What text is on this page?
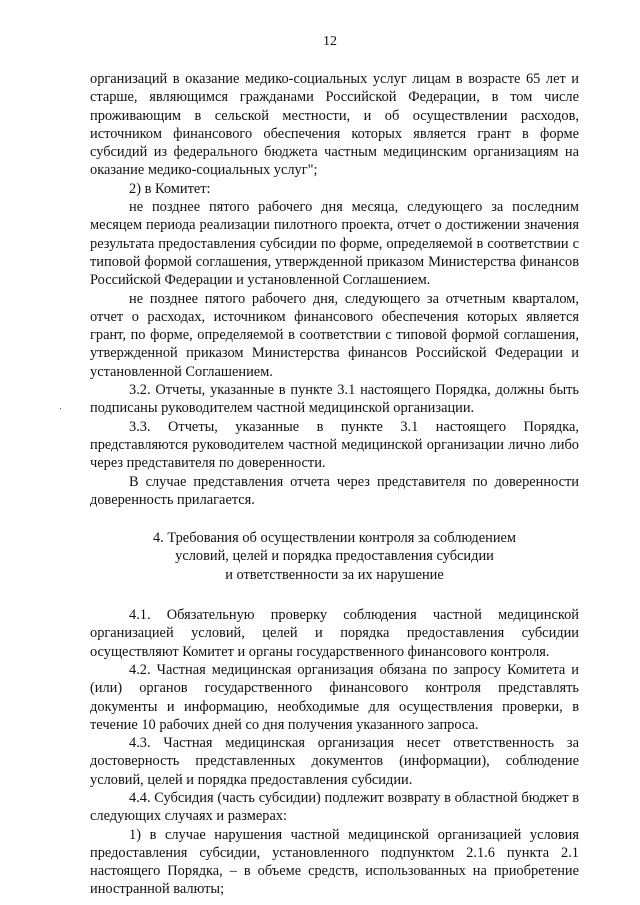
12

организаций в оказание медико-социальных услуг лицам в возрасте 65 лет и старше, являющимся гражданами Российской Федерации, в том числе проживающим в сельской местности, и об осуществлении расходов, источником финансового обеспечения которых является грант в форме субсидий из федерального бюджета частным медицинским организациям на оказание медико-социальных услуг";

2) в Комитет:

не позднее пятого рабочего дня месяца, следующего за последним месяцем периода реализации пилотного проекта, отчет о достижении значения результата предоставления субсидии по форме, определяемой в соответствии с типовой формой соглашения, утвержденной приказом Министерства финансов Российской Федерации и установленной Соглашением.

не позднее пятого рабочего дня, следующего за отчетным кварталом, отчет о расходах, источником финансового обеспечения которых является грант, по форме, определяемой в соответствии с типовой формой соглашения, утвержденной приказом Министерства финансов Российской Федерации и установленной Соглашением.

3.2. Отчеты, указанные в пункте 3.1 настоящего Порядка, должны быть подписаны руководителем частной медицинской организации.

3.3. Отчеты, указанные в пункте 3.1 настоящего Порядка, представляются руководителем частной медицинской организации лично либо через представителя по доверенности.

В случае представления отчета через представителя по доверенности доверенность прилагается.

4. Требования об осуществлении контроля за соблюдением

условий, целей и порядка предоставления субсидии

и ответственности за их нарушение

4.1. Обязательную проверку соблюдения частной медицинской организацией условий, целей и порядка предоставления субсидии осуществляют Комитет и органы государственного финансового контроля.

4.2. Частная медицинская организация обязана по запросу Комитета и (или) органов государственного финансового контроля представлять документы и информацию, необходимые для осуществления проверки, в течение 10 рабочих дней со дня получения указанного запроса.

4.3. Частная медицинская организация несет ответственность за достоверность представленных документов (информации), соблюдение условий, целей и порядка предоставления субсидии.

4.4. Субсидия (часть субсидии) подлежит возврату в областной бюджет в следующих случаях и размерах:

1) в случае нарушения частной медицинской организацией условия предоставления субсидии, установленного подпунктом 2.1.6 пункта 2.1 настоящего Порядка, – в объеме средств, использованных на приобретение иностранной валюты;
